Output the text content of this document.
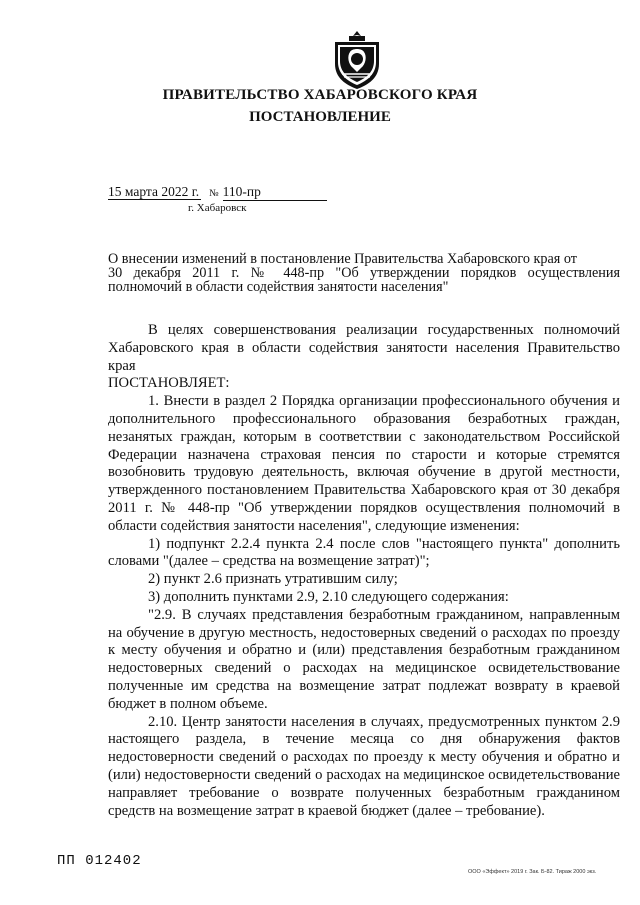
ПРАВИТЕЛЬСТВО ХАБАРОВСКОГО КРАЯ
ПОСТАНОВЛЕНИЕ
15 марта 2022 г. № 110-пр
г. Хабаровск
О внесении изменений в постановление Правительства Хабаровского края от
30 декабря 2011 г. № 448-пр "Об утверждении порядков осуществления
полномочий в области содействия занятости населения"

В целях совершенствования реализации государственных полномочий Хабаровского края в области содействия занятости населения Правительство края

ПОСТАНОВЛЯЕТ:

1. Внести в раздел 2 Порядка организации профессионального обучения и дополнительного профессионального образования безработных граждан, незанятых граждан, которым в соответствии с законодательством Российской Федерации назначена страховая пенсия по старости и которые стремятся возобновить трудовую деятельность, включая обучение в другой местности, утвержденного постановлением Правительства Хабаровского края от 30 декабря 2011 г. № 448-пр "Об утверждении порядков осуществления полномочий в области содействия занятости населения", следующие изменения:

1) подпункт 2.2.4 пункта 2.4 после слов "настоящего пункта" дополнить словами "(далее – средства на возмещение затрат)";

2) пункт 2.6 признать утратившим силу;

3) дополнить пунктами 2.9, 2.10 следующего содержания:

"2.9. В случаях представления безработным гражданином, направленным на обучение в другую местность, недостоверных сведений о расходах по проезду к месту обучения и обратно и (или) представления безработным гражданином недостоверных сведений о расходах на медицинское освидетельствование полученные им средства на возмещение затрат подлежат возврату в краевой бюджет в полном объеме.

2.10. Центр занятости населения в случаях, предусмотренных пунктом 2.9 настоящего раздела, в течение месяца со дня обнаружения фактов недостоверности сведений о расходах по проезду к месту обучения и обратно и (или) недостоверности сведений о расходах на медицинское освидетельствование направляет требование о возврате полученных безработным гражданином средств на возмещение затрат в краевой бюджет (далее – требование).

ПП 012402
ООО «Эффект» 2019 г. Зак. Б-82. Тираж 2000 экз.
